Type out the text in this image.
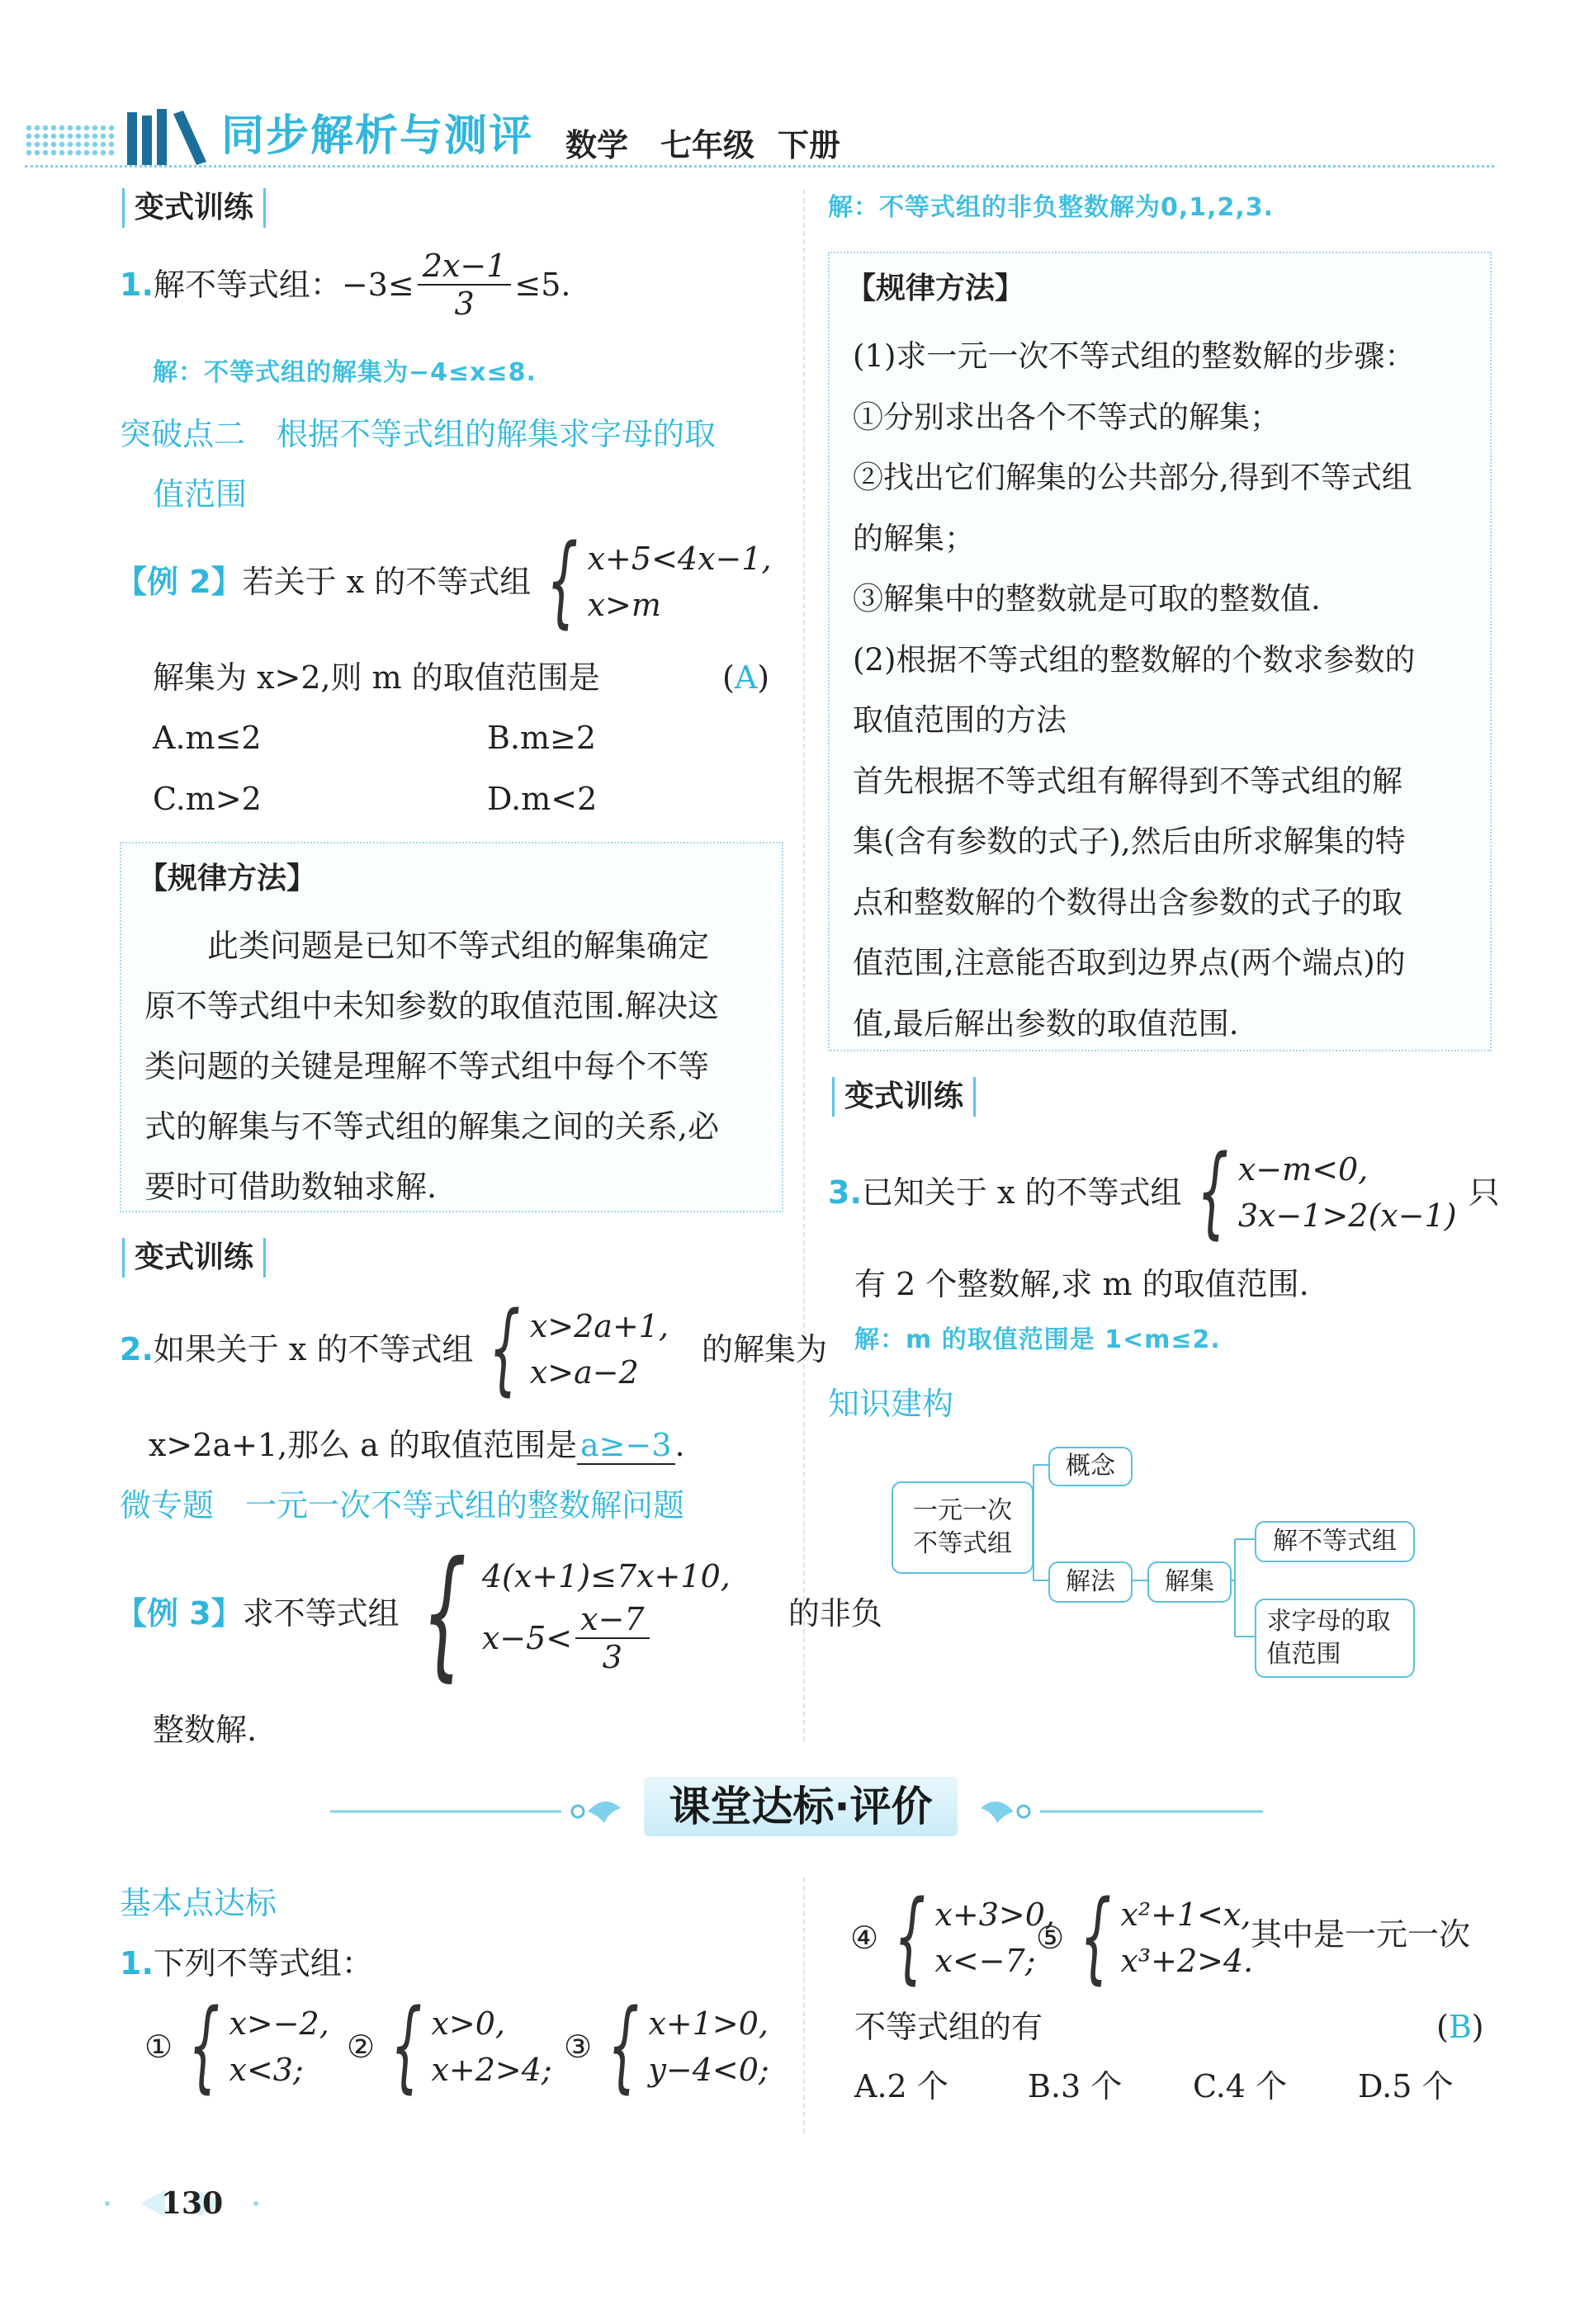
同步解析与测评 数学 七年级 下册
变式训练
1. 解不等式组： $-3\le \frac{2x-1}{3} \le 5$.
解：不等式组的解集为−4≤x≤8.
突破点二　根据不等式组的解集求字母的取
值范围
【例 2】 若关于 x 的不等式组 { x+5<4x−1,
x>m
解集为 x>2,则 m 的取值范围是	(A)
A.m≤2	B.m≥2
C.m>2	D.m<2
【规律方法】
　　此类问题是已知不等式组的解集确定
原不等式组中未知参数的取值范围.解决这
类问题的关键是理解不等式组中每个不等
式的解集与不等式组的解集之间的关系,必
要时可借助数轴求解.
变式训练
2. 如果关于 x 的不等式组 { x>2a+1,
x>a−2
的解集为
x>2a+1,那么 a 的取值范围是 a≥−3 .
微专题　一元一次不等式组的整数解问题
【例 3】 求不等式组 { 4(x+1)≤7x+10,
$x-5< \frac{x-7}{3}$	的非负
整数解.
解：不等式组的非负整数解为0,1,2,3.
【规律方法】
(1)求一元一次不等式组的整数解的步骤：
①分别求出各个不等式的解集；
②找出它们解集的公共部分,得到不等式组
的解集；
③解集中的整数就是可取的整数值.
(2)根据不等式组的整数解的个数求参数的
取值范围的方法
首先根据不等式组有解得到不等式组的解
集(含有参数的式子),然后由所求解集的特
点和整数解的个数得出含参数的式子的取
值范围,注意能否取到边界点(两个端点)的
值,最后解出参数的取值范围.
变式训练
3. 已知关于 x 的不等式组 { x−m<0,
3x−1>2(x−1)
只
有 2 个整数解,求 m 的取值范围.
解：m 的取值范围是 1<m≤2.
知识建构
一元一次不等式组
概念
解法	解集
解不等式组
求字母的取值范围
课堂达标·评价
基本点达标
1.下列不等式组：
① { x>−2,
x<3;
② { x>0,
x+2>4;
③ { x+1>0,
y−4<0;
④ { x+3>0,
x<−7;
⑤ { x²+1<x,
x³+2>4.
其中是一元一次
不等式组的有	(B)
A.2 个	B.3 个 C.4 个 D.5 个
130
